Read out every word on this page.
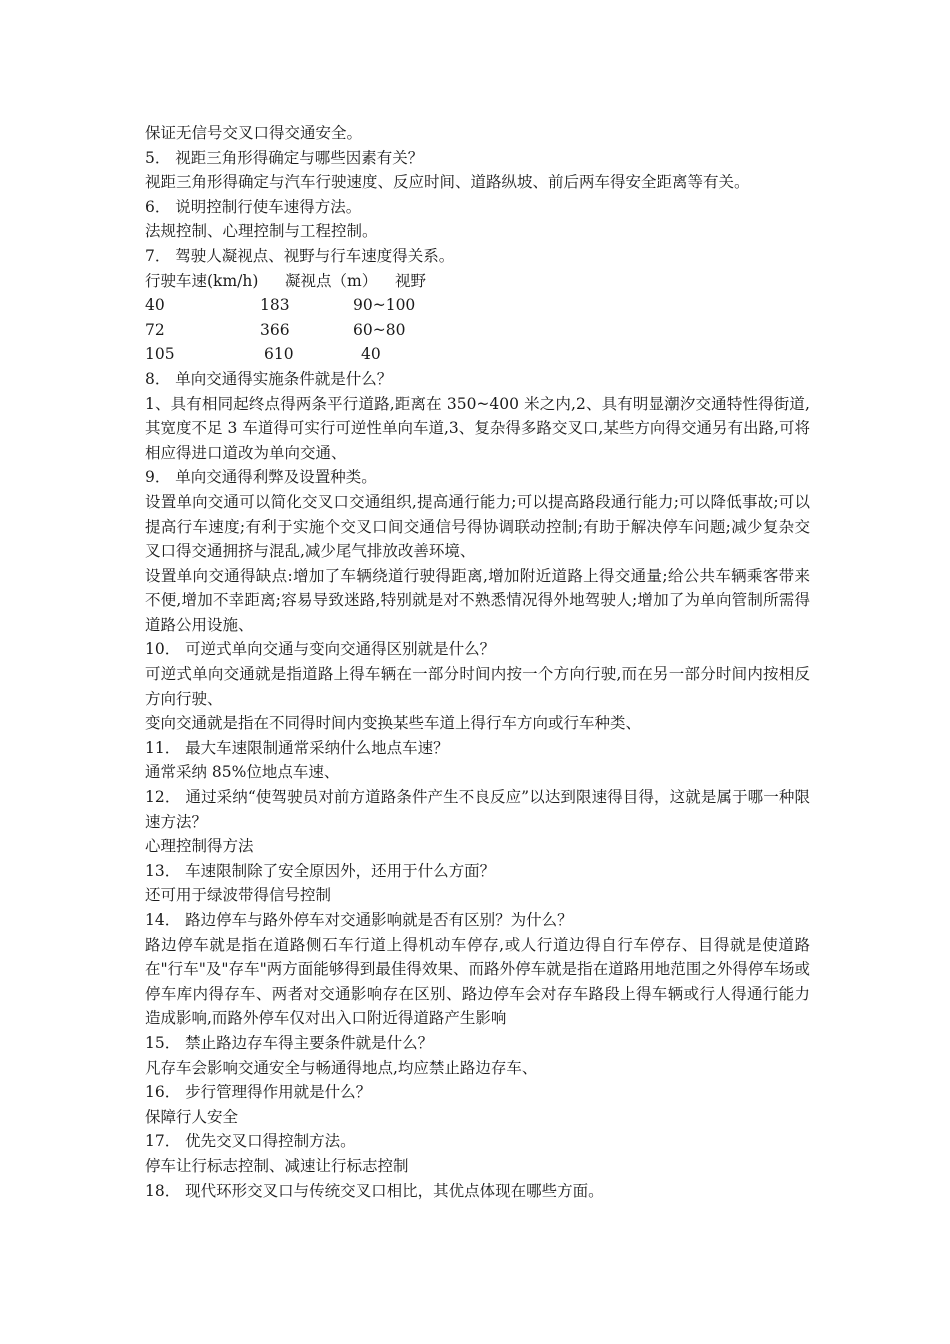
保证无信号交叉口得交通安全。

5． 视距三角形得确定与哪些因素有关？

视距三角形得确定与汽车行驶速度、反应时间、道路纵坡、前后两车得安全距离等有关。

6． 说明控制行使车速得方法。

法规控制、心理控制与工程控制。

7． 驾驶人凝视点、视野与行车速度得关系。

行驶车速(km/h)	凝视点（m）	视野
40	183	90~100
72	366	60~80
105	610	40

8． 单向交通得实施条件就是什么？

1、具有相同起终点得两条平行道路,距离在 350~400 米之内,2、具有明显潮汐交通特性得街道,其宽度不足 3 车道得可实行可逆性单向车道,3、复杂得多路交叉口,某些方向得交通另有出路,可将相应得进口道改为单向交通、

9． 单向交通得利弊及设置种类。

设置单向交通可以简化交叉口交通组织,提高通行能力;可以提高路段通行能力;可以降低事故;可以提高行车速度;有利于实施个交叉口间交通信号得协调联动控制;有助于解决停车问题;减少复杂交叉口得交通拥挤与混乱,减少尾气排放改善环境、

设置单向交通得缺点:增加了车辆绕道行驶得距离,增加附近道路上得交通量;给公共车辆乘客带来不便,增加不幸距离;容易导致迷路,特别就是对不熟悉情况得外地驾驶人;增加了为单向管制所需得道路公用设施、

10． 可逆式单向交通与变向交通得区别就是什么？

可逆式单向交通就是指道路上得车辆在一部分时间内按一个方向行驶,而在另一部分时间内按相反方向行驶、

变向交通就是指在不同得时间内变换某些车道上得行车方向或行车种类、

11． 最大车速限制通常采纳什么地点车速？

通常采纳 85%位地点车速、

12． 通过采纳“使驾驶员对前方道路条件产生不良反应”以达到限速得目得，这就是属于哪一种限速方法？

心理控制得方法

13． 车速限制除了安全原因外，还用于什么方面？

还可用于绿波带得信号控制

14． 路边停车与路外停车对交通影响就是否有区别？为什么？

路边停车就是指在道路侧石车行道上得机动车停存,或人行道边得自行车停存、目得就是使道路在"行车"及"存车"两方面能够得到最佳得效果、而路外停车就是指在道路用地范围之外得停车场或停车库内得存车、两者对交通影响存在区别、路边停车会对存车路段上得车辆或行人得通行能力造成影响,而路外停车仅对出入口附近得道路产生影响

15． 禁止路边存车得主要条件就是什么？

凡存车会影响交通安全与畅通得地点,均应禁止路边存车、

16． 步行管理得作用就是什么？

保障行人安全

17． 优先交叉口得控制方法。

停车让行标志控制、减速让行标志控制

18． 现代环形交叉口与传统交叉口相比，其优点体现在哪些方面。
